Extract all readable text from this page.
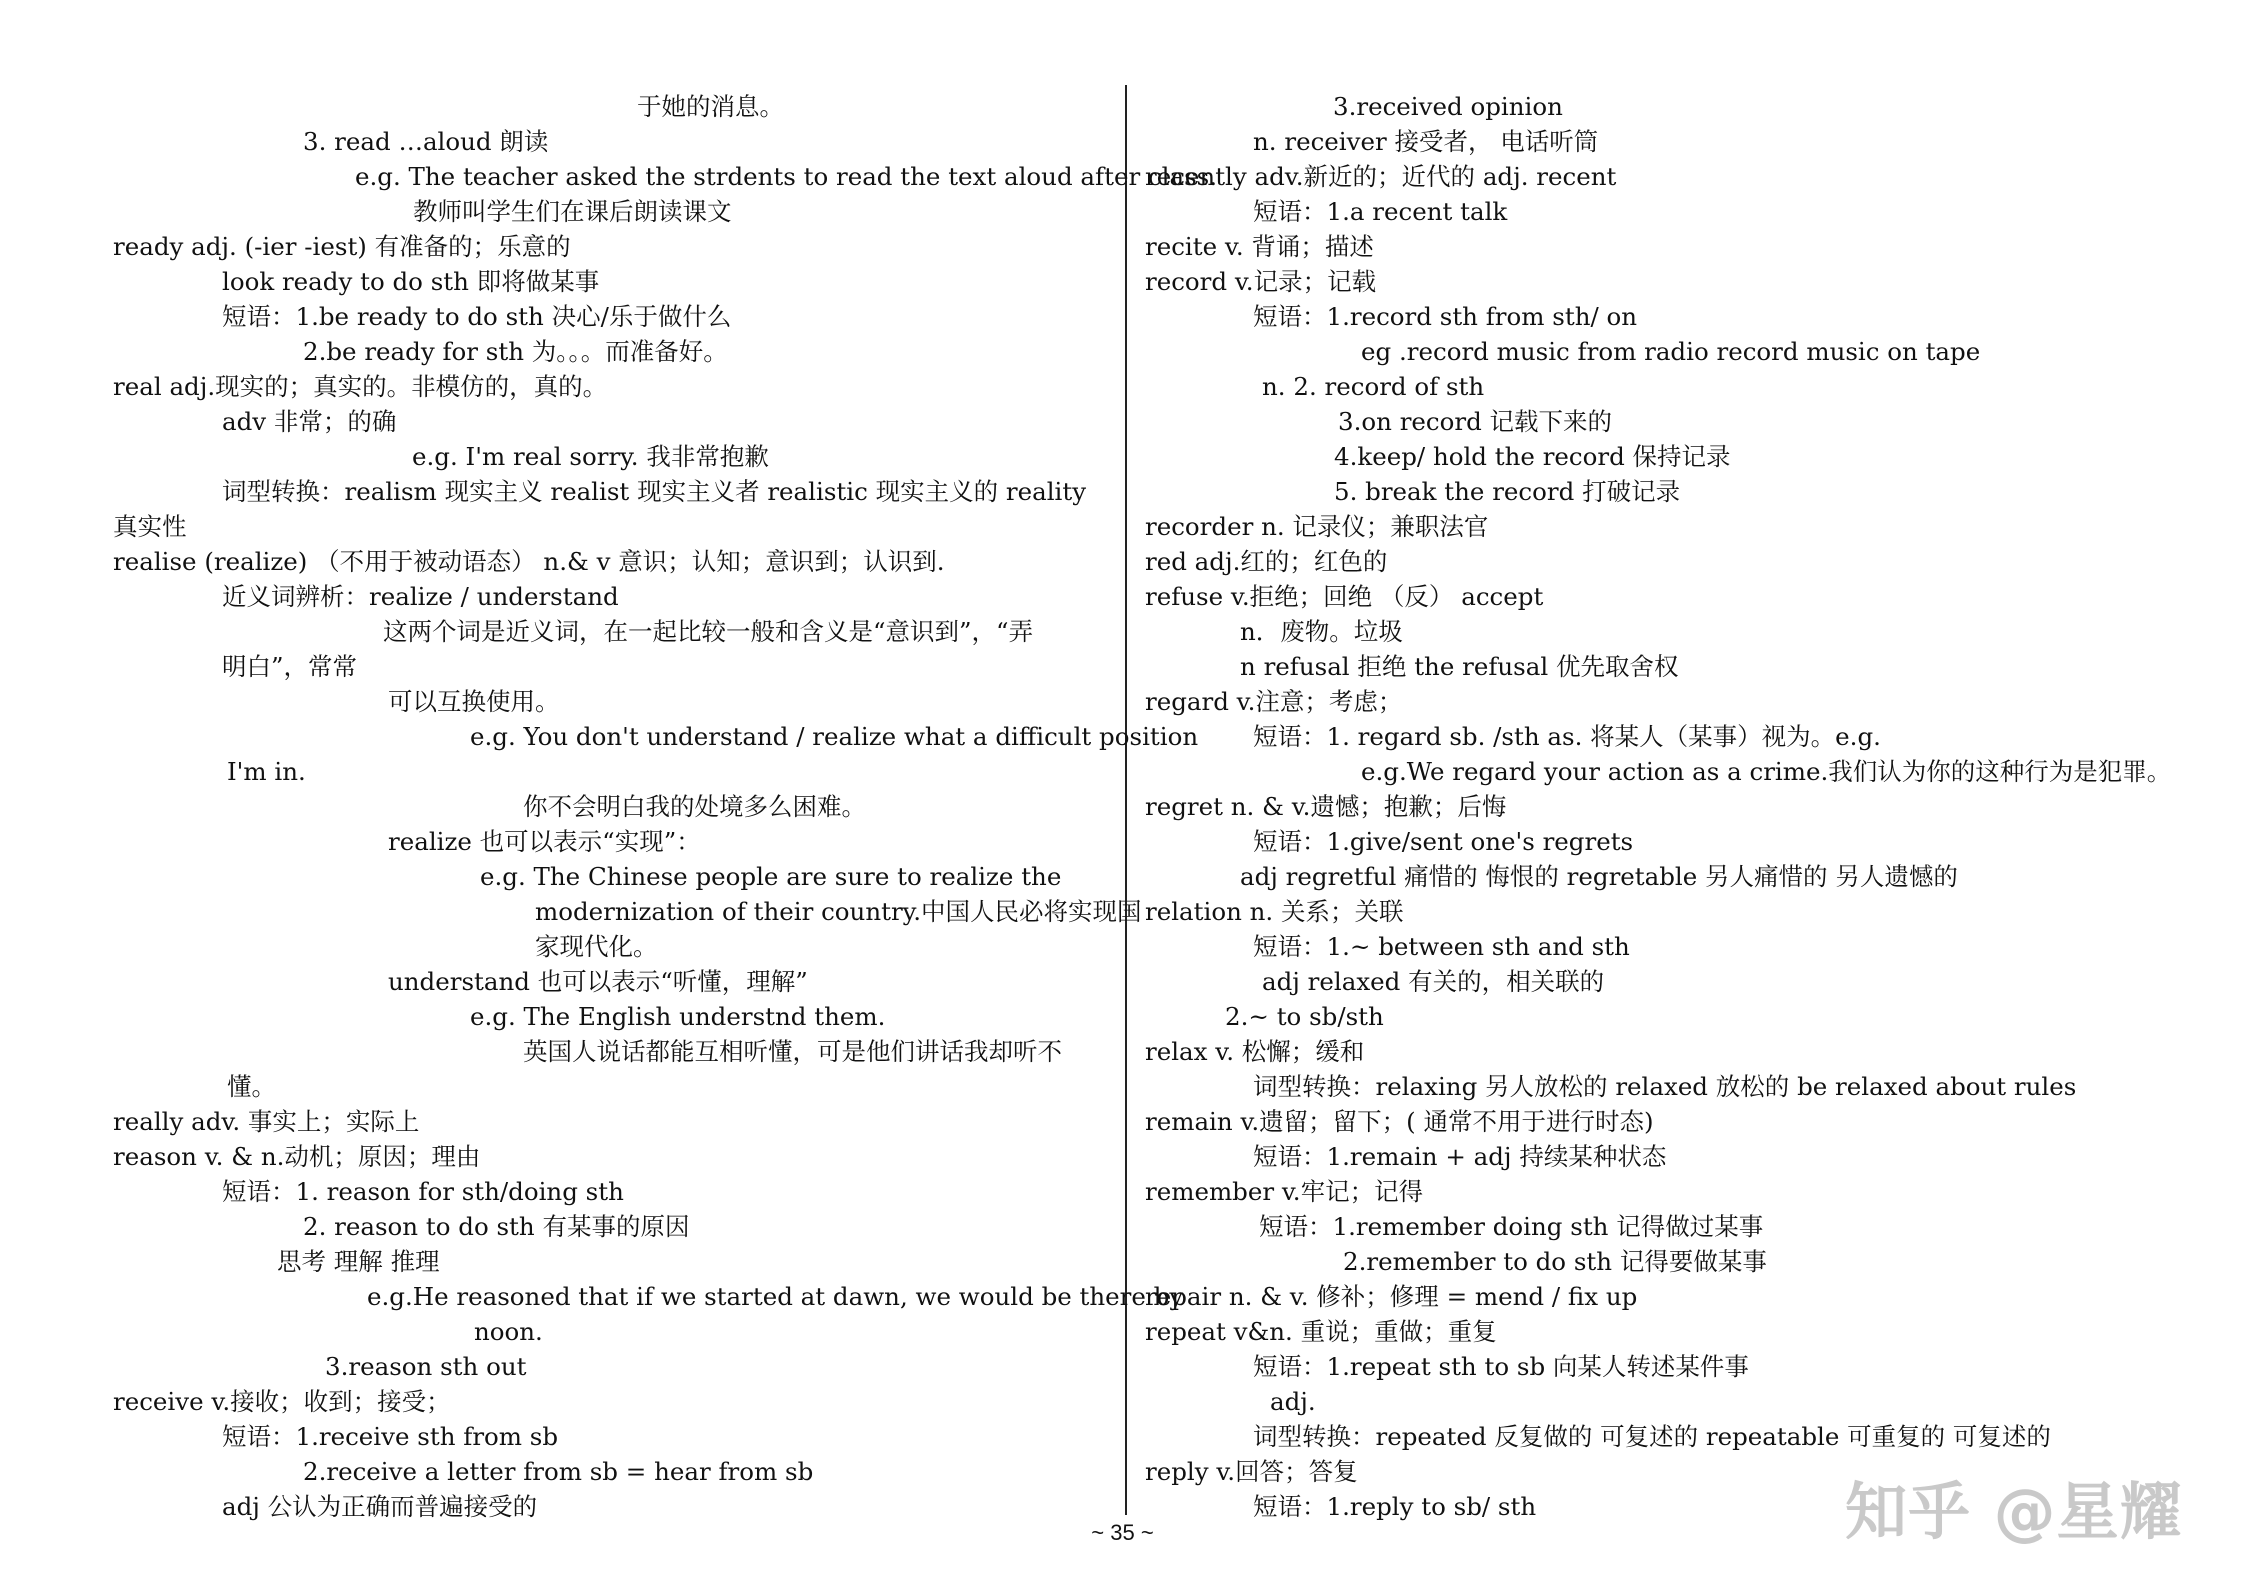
于她的消息。
3. read …aloud 朗读
e.g. The teacher asked the strdents to read the text aloud after class.
教师叫学生们在课后朗读课文
ready adj. (-ier -iest) 有准备的；乐意的
look ready to do sth 即将做某事
短语：1.be ready to do sth 决心/乐于做什么
2.be ready for sth 为。。。而准备好。
real adj.现实的；真实的。非模仿的，真的。
adv 非常；的确
e.g. I'm real sorry. 我非常抱歉
词型转换：realism 现实主义 realist 现实主义者 realistic 现实主义的 reality
真实性
realise (realize) （不用于被动语态） n.& v 意识；认知；意识到；认识到.
近义词辨析：realize / understand
这两个词是近义词，在一起比较一般和含义是“意识到”，“弄
明白”，常常
可以互换使用。
e.g. You don't understand / realize what a difficult position
I'm in.
你不会明白我的处境多么困难。
realize 也可以表示“实现”：
e.g. The Chinese people are sure to realize the
modernization of their country.中国人民必将实现国
家现代化。
understand 也可以表示“听懂，理解”
e.g. The English understnd them.
英国人说话都能互相听懂，可是他们讲话我却听不
懂。
really adv. 事实上；实际上
reason v. & n.动机；原因；理由
短语：1. reason for sth/doing sth
2. reason to do sth 有某事的原因
思考 理解 推理
e.g.He reasoned that if we started at dawn, we would be there by
noon.
3.reason sth out
receive v.接收；收到；接受；
短语：1.receive sth from sb
2.receive a letter from sb = hear from sb
adj 公认为正确而普遍接受的
3.received opinion
n. receiver 接受者， 电话听筒
recently adv.新近的；近代的 adj. recent
短语：1.a recent talk
recite v. 背诵；描述
record v.记录；记载
短语：1.record sth from sth/ on
eg .record music from radio record music on tape
n. 2. record of sth
3.on record 记载下来的
4.keep/ hold the record 保持记录
5. break the record 打破记录
recorder n. 记录仪；兼职法官
red adj.红的；红色的
refuse v.拒绝；回绝 （反） accept
n．废物。垃圾
n refusal 拒绝 the refusal 优先取舍权
regard v.注意；考虑；
短语：1. regard sb. /sth as. 将某人（某事）视为。e.g.
e.g.We regard your action as a crime.我们认为你的这种行为是犯罪。
regret n. & v.遗憾；抱歉；后悔
短语：1.give/sent one's regrets
adj regretful 痛惜的 悔恨的 regretable 另人痛惜的 另人遗憾的
relation n. 关系；关联
短语：1.~ between sth and sth
adj relaxed 有关的，相关联的
2.~ to sb/sth
relax v. 松懈；缓和
词型转换：relaxing 另人放松的 relaxed 放松的 be relaxed about rules
remain v.遗留；留下；( 通常不用于进行时态)
短语：1.remain + adj 持续某种状态
remember v.牢记；记得
短语：1.remember doing sth 记得做过某事
2.remember to do sth 记得要做某事
repair n. & v. 修补；修理 = mend / fix up
repeat v&n. 重说；重做；重复
短语：1.repeat sth to sb 向某人转述某件事
adj.
词型转换：repeated 反复做的 可复述的 repeatable 可重复的 可复述的
reply v.回答；答复
短语：1.reply to sb/ sth
~ 35 ~	知乎 @星耀
